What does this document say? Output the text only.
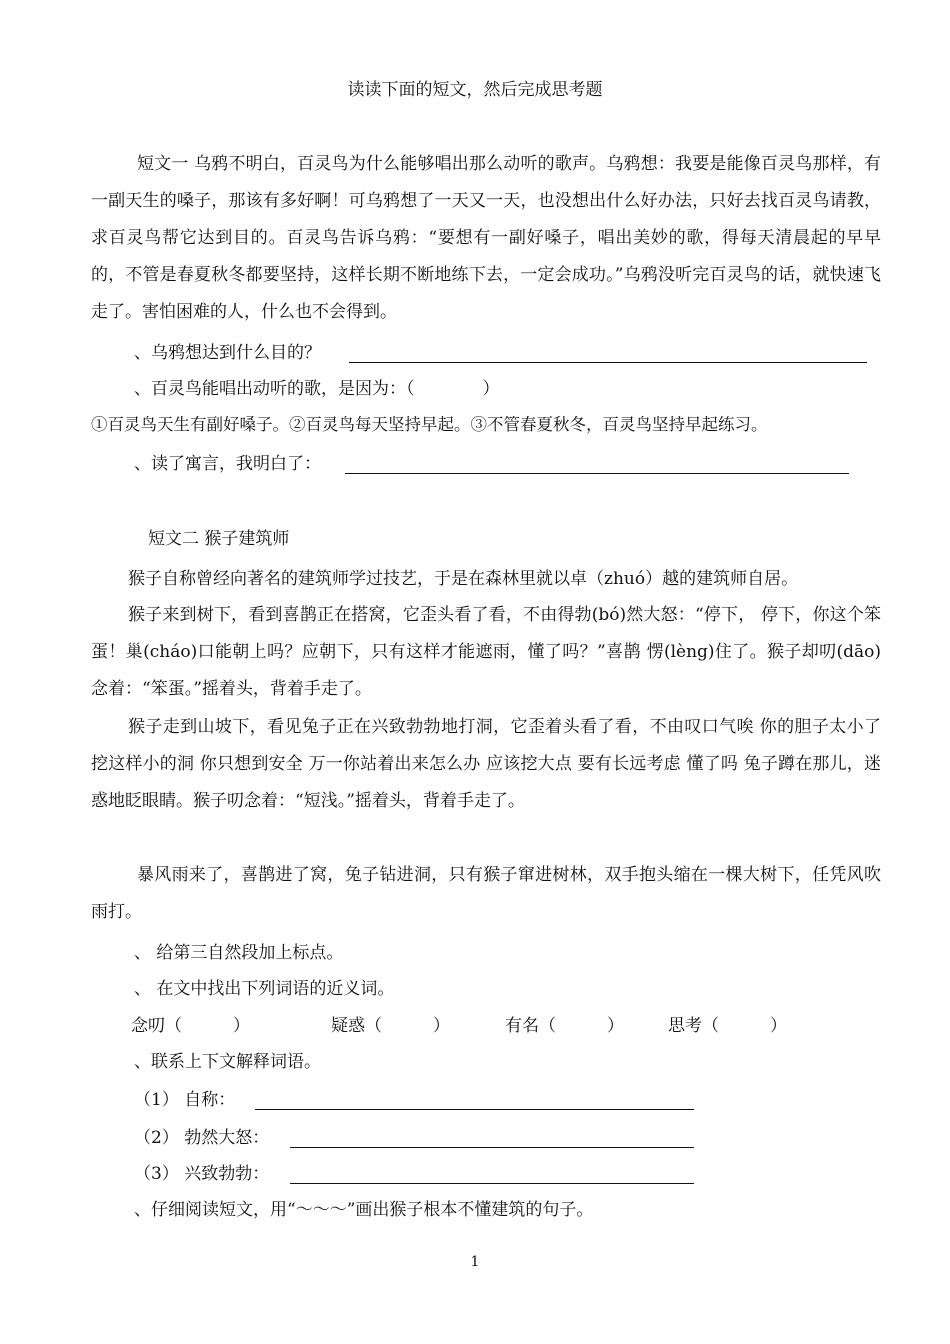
读读下面的短文，然后完成思考题
短文一 乌鸦不明白，百灵鸟为什么能够唱出那么动听的歌声。乌鸦想：我要是能像百灵鸟那样，有一副天生的嗓子，那该有多好啊！可乌鸦想了一天又一天，也没想出什么好办法，只好去找百灵鸟请教，求百灵鸟帮它达到目的。百灵鸟告诉乌鸦：“要想有一副好嗓子，唱出美妙的歌，得每天清晨起的早早的，不管是春夏秋冬都要坚持，这样长期不断地练下去，一定会成功。”乌鸦没听完百灵鸟的话，就快速飞走了。害怕困难的人，什么也不会得到。
、乌鸦想达到什么目的？
、百灵鸟能唱出动听的歌，是因为：（　　　　）
①百灵鸟天生有副好嗓子。②百灵鸟每天坚持早起。③不管春夏秋冬，百灵鸟坚持早起练习。
、读了寓言，我明白了：
短文二 猴子建筑师
猴子自称曾经向著名的建筑师学过技艺，于是在森林里就以卓（zhuó）越的建筑师自居。
猴子来到树下，看到喜鹊正在搭窝，它歪头看了看，不由得勃(bó)然大怒：“停下， 停下，你这个笨蛋！巢(cháo)口能朝上吗？应朝下，只有这样才能遮雨，懂了吗？”喜鹊 愣(lèng)住了。猴子却叨(dāo)念着：“笨蛋。”摇着头，背着手走了。
猴子走到山坡下，看见兔子正在兴致勃勃地打洞，它歪着头看了看，不由叹口气唉 你的胆子太小了 挖这样小的洞 你只想到安全 万一你站着出来怎么办 应该挖大点 要有长远考虑 懂了吗 兔子蹲在那儿，迷惑地眨眼睛。猴子叨念着：“短浅。”摇着头，背着手走了。
暴风雨来了，喜鹊进了窝，兔子钻进洞，只有猴子窜进树林，双手抱头缩在一棵大树下，任凭风吹雨打。
、 给第三自然段加上标点。
、 在文中找出下列词语的近义词。
念叨（　　　）	疑惑（　　　）	有名（　　　）	思考（　　　）
、联系上下文解释词语。
（1） 自称：
（2） 勃然大怒：
（3） 兴致勃勃：
、仔细阅读短文，用“～～～”画出猴子根本不懂建筑的句子。
1
